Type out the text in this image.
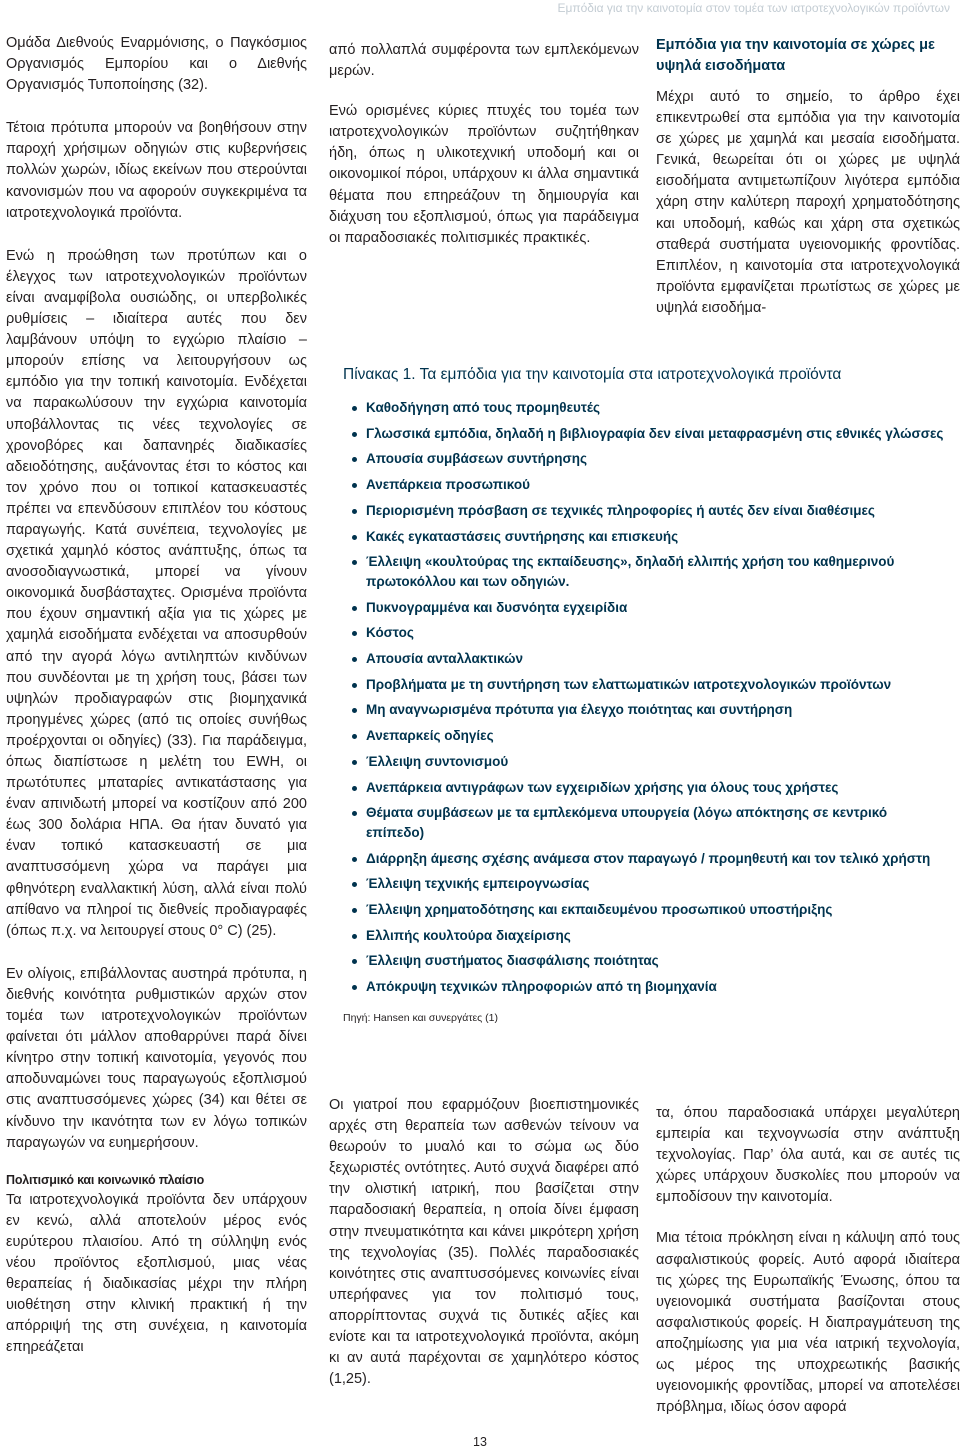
Εμπόδια για την καινοτομία στον τομέα των ιατροτεχνολογικών προϊόντων

Ομάδα Διεθνούς Εναρμόνισης, ο Παγκόσμιος Οργανισμός Εμπορίου και ο Διεθνής Οργανισμός Τυποποίησης (32).

Τέτοια πρότυπα μπορούν να βοηθήσουν στην παροχή χρήσιμων οδηγιών στις κυβερνήσεις πολλών χωρών, ιδίως εκείνων που στερούνται κανονισμών που να αφορούν συγκεκριμένα τα ιατροτεχνολογικά προϊόντα.

Ενώ η προώθηση των προτύπων και ο έλεγχος των ιατροτεχνολογικών προϊόντων είναι αναμφίβολα ουσιώδης, οι υπερβολικές ρυθμίσεις – ιδιαίτερα αυτές που δεν λαμβάνουν υπόψη το εγχώριο πλαίσιο – μπορούν επίσης να λειτουργήσουν ως εμπόδιο για την τοπική καινοτομία. Ενδέχεται να παρακωλύσουν την εγχώρια καινοτομία υποβάλλοντας τις νέες τεχνολογίες σε χρονοβόρες και δαπανηρές διαδικασίες αδειοδότησης, αυξάνοντας έτσι το κόστος και τον χρόνο που οι τοπικοί κατασκευαστές πρέπει να επενδύσουν επιπλέον του κόστους παραγωγής. Κατά συνέπεια, τεχνολογίες με σχετικά χαμηλό κόστος ανάπτυξης, όπως τα ανοσοδιαγνωστικά, μπορεί να γίνουν οικονομικά δυσβάσταχτες. Ορισμένα προϊόντα που έχουν σημαντική αξία για τις χώρες με χαμηλά εισοδήματα ενδέχεται να αποσυρθούν από την αγορά λόγω αντιληπτών κινδύνων που συνδέονται με τη χρήση τους, βάσει των υψηλών προδιαγραφών στις βιομηχανικά προηγμένες χώρες (από τις οποίες συνήθως προέρχονται οι οδηγίες) (33). Για παράδειγμα, όπως διαπίστωσε η μελέτη του EWH, οι πρωτότυπες μπαταρίες αντικατάστασης για έναν απινιδωτή μπορεί να κοστίζουν από 200 έως 300 δολάρια ΗΠΑ. Θα ήταν δυνατό για έναν τοπικό κατασκευαστή σε μια αναπτυσσόμενη χώρα να παράγει μια φθηνότερη εναλλακτική λύση, αλλά είναι πολύ απίθανο να πληροί τις διεθνείς προδιαγραφές (όπως π.χ. να λειτουργεί στους 0° C) (25).

Εν ολίγοις, επιβάλλοντας αυστηρά πρότυπα, η διεθνής κοινότητα ρυθμιστικών αρχών στον τομέα των ιατροτεχνολογικών προϊόντων φαίνεται ότι μάλλον αποθαρρύνει παρά δίνει κίνητρο στην τοπική καινοτομία, γεγονός που αποδυναμώνει τους παραγωγούς εξοπλισμού στις αναπτυσσόμενες χώρες (34) και θέτει σε κίνδυνο την ικανότητα των εν λόγω τοπικών παραγωγών να ευημερήσουν.

Πολιτισμικό και κοινωνικό πλαίσιο

Τα ιατροτεχνολογικά προϊόντα δεν υπάρχουν εν κενώ, αλλά αποτελούν μέρος ενός ευρύτερου πλαισίου. Από τη σύλληψη ενός νέου προϊόντος εξοπλισμού, μιας νέας θεραπείας ή διαδικασίας μέχρι την πλήρη υιοθέτηση στην κλινική πρακτική ή την απόρριψή της στη συνέχεια, η καινοτομία επηρεάζεται

από πολλαπλά συμφέροντα των εμπλεκόμενων μερών.

Ενώ ορισμένες κύριες πτυχές του τομέα των ιατροτεχνολογικών προϊόντων συζητήθηκαν ήδη, όπως η υλικοτεχνική υποδομή και οι οικονομικοί πόροι, υπάρχουν κι άλλα σημαντικά θέματα που επηρεάζουν τη δημιουργία και διάχυση του εξοπλισμού, όπως για παράδειγμα οι παραδοσιακές πολιτισμικές πρακτικές.

Εμπόδια για την καινοτομία σε χώρες με υψηλά εισοδήματα

Μέχρι αυτό το σημείο, το άρθρο έχει επικεντρωθεί στα εμπόδια για την καινοτομία σε χώρες με χαμηλά και μεσαία εισοδήματα. Γενικά, θεωρείται ότι οι χώρες με υψηλά εισοδήματα αντιμετωπίζουν λιγότερα εμπόδια χάρη στην καλύτερη παροχή χρηματοδότησης και υποδομή, καθώς και χάρη στα σχετικώς σταθερά συστήματα υγειονομικής φροντίδας. Επιπλέον, η καινοτομία στα ιατροτεχνολογικά προϊόντα εμφανίζεται πρωτίστως σε χώρες με υψηλά εισοδήμα-

Πίνακας 1. Τα εμπόδια για την καινοτομία στα ιατροτεχνολογικά προϊόντα

Καθοδήγηση από τους προμηθευτές
Γλωσσικά εμπόδια, δηλαδή η βιβλιογραφία δεν είναι μεταφρασμένη στις εθνικές γλώσσες
Απουσία συμβάσεων συντήρησης
Ανεπάρκεια προσωπικού
Περιορισμένη πρόσβαση σε τεχνικές πληροφορίες ή αυτές δεν είναι διαθέσιμες
Κακές εγκαταστάσεις συντήρησης και επισκευής
Έλλειψη «κουλτούρας της εκπαίδευσης», δηλαδή ελλιπής χρήση του καθημερινού πρωτοκόλλου και των οδηγιών.
Πυκνογραμμένα και δυσνόητα εγχειρίδια
Κόστος
Απουσία ανταλλακτικών
Προβλήματα με τη συντήρηση των ελαττωματικών ιατροτεχνολογικών προϊόντων
Μη αναγνωρισμένα πρότυπα για έλεγχο ποιότητας και συντήρηση
Ανεπαρκείς οδηγίες
Έλλειψη συντονισμού
Ανεπάρκεια αντιγράφων των εγχειριδίων χρήσης για όλους τους χρήστες
Θέματα συμβάσεων με τα εμπλεκόμενα υπουργεία (λόγω απόκτησης σε κεντρικό επίπεδο)
Διάρρηξη άμεσης σχέσης ανάμεσα στον παραγωγό / προμηθευτή και τον τελικό χρήστη
Έλλειψη τεχνικής εμπειρογνωσίας
Έλλειψη χρηματοδότησης και εκπαιδευμένου προσωπικού υποστήριξης
Ελλιπής κουλτούρα διαχείρισης
Έλλειψη συστήματος διασφάλισης ποιότητας
Απόκρυψη τεχνικών πληροφοριών από τη βιομηχανία

Πηγή: Hansen και συνεργάτες (1)

Οι γιατροί που εφαρμόζουν βιοεπιστημονικές αρχές στη θεραπεία των ασθενών τείνουν να θεωρούν το μυαλό και το σώμα ως δύο ξεχωριστές οντότητες. Αυτό συχνά διαφέρει από την ολιστική ιατρική, που βασίζεται στην παραδοσιακή θεραπεία, η οποία δίνει έμφαση στην πνευματικότητα και κάνει μικρότερη χρήση της τεχνολογίας (35). Πολλές παραδοσιακές κοινότητες στις αναπτυσσόμενες κοινωνίες είναι υπερήφανες για τον πολιτισμό τους, απορρίπτοντας συχνά τις δυτικές αξίες και ενίοτε και τα ιατροτεχνολογικά προϊόντα, ακόμη κι αν αυτά παρέχονται σε χαμηλότερο κόστος (1,25).

τα, όπου παραδοσιακά υπάρχει μεγαλύτερη εμπειρία και τεχνογνωσία στην ανάπτυξη τεχνολογίας. Παρ’ όλα αυτά, και σε αυτές τις χώρες υπάρχουν δυσκολίες που μπορούν να εμποδίσουν την καινοτομία.

Μια τέτοια πρόκληση είναι η κάλυψη από τους ασφαλιστικούς φορείς. Αυτό αφορά ιδιαίτερα τις χώρες της Ευρωπαϊκής Ένωσης, όπου τα υγειονομικά συστήματα βασίζονται στους ασφαλιστικούς φορείς. Η διαπραγμάτευση της αποζημίωσης για μια νέα ιατρική τεχνολογία, ως μέρος της υποχρεωτικής βασικής υγειονομικής φροντίδας, μπορεί να αποτελέσει πρόβλημα, ιδίως όσον αφορά

13
